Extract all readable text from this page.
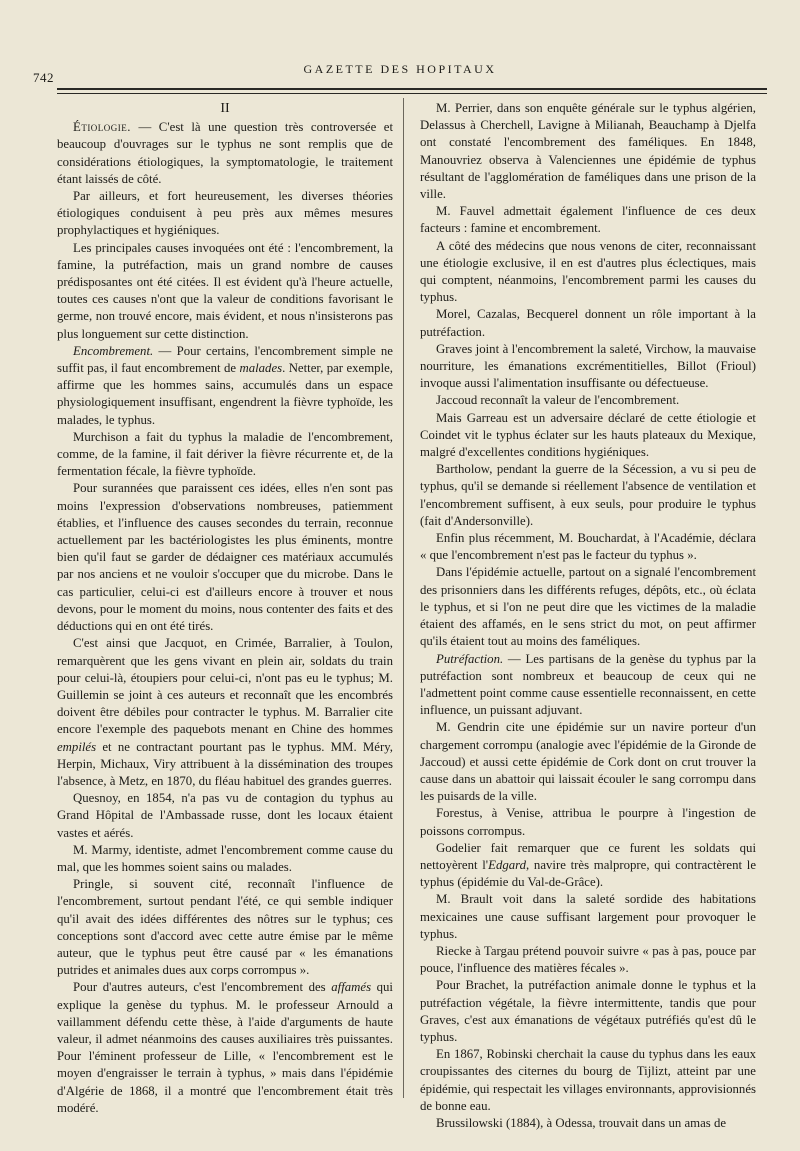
742
GAZETTE DES HOPITAUX

II

Étiologie. — C'est là une question très controversée et beaucoup d'ouvrages sur le typhus ne sont remplis que de considérations étiologiques, la symptomatologie, le traitement étant laissés de côté.

Par ailleurs, et fort heureusement, les diverses théories étiologiques conduisent à peu près aux mêmes mesures prophylactiques et hygiéniques.

Les principales causes invoquées ont été : l'encombrement, la famine, la putréfaction, mais un grand nombre de causes prédisposantes ont été citées. Il est évident qu'à l'heure actuelle, toutes ces causes n'ont que la valeur de conditions favorisant le germe, non trouvé encore, mais évident, et nous n'insisterons pas plus longuement sur cette distinction.

Encombrement. — Pour certains, l'encombrement simple ne suffit pas, il faut encombrement de malades. Netter, par exemple, affirme que les hommes sains, accumulés dans un espace physiologiquement insuffisant, engendrent la fièvre typhoïde, les malades, le typhus.

Murchison a fait du typhus la maladie de l'encombrement, comme, de la famine, il fait dériver la fièvre récurrente et, de la fermentation fécale, la fièvre typhoïde.

Pour surannées que paraissent ces idées, elles n'en sont pas moins l'expression d'observations nombreuses, patiemment établies, et l'influence des causes secondes du terrain, reconnue actuellement par les bactériologistes les plus éminents, montre bien qu'il faut se garder de dédaigner ces matériaux accumulés par nos anciens et ne vouloir s'occuper que du microbe. Dans le cas particulier, celui-ci est d'ailleurs encore à trouver et nous devons, pour le moment du moins, nous contenter des faits et des déductions qui en ont été tirés.

C'est ainsi que Jacquot, en Crimée, Barralier, à Toulon, remarquèrent que les gens vivant en plein air, soldats du train pour celui-là, étoupiers pour celui-ci, n'ont pas eu le typhus; M. Guillemin se joint à ces auteurs et reconnaît que les encombrés doivent être débiles pour contracter le typhus. M. Barralier cite encore l'exemple des paquebots menant en Chine des hommes empilés et ne contractant pourtant pas le typhus. MM. Méry, Herpin, Michaux, Viry attribuent à la dissémination des troupes l'absence, à Metz, en 1870, du fléau habituel des grandes guerres.

Quesnoy, en 1854, n'a pas vu de contagion du typhus au Grand Hôpital de l'Ambassade russe, dont les locaux étaient vastes et aérés.

M. Marmy, identiste, admet l'encombrement comme cause du mal, que les hommes soient sains ou malades.

Pringle, si souvent cité, reconnaît l'influence de l'encombrement, surtout pendant l'été, ce qui semble indiquer qu'il avait des idées différentes des nôtres sur le typhus; ces conceptions sont d'accord avec cette autre émise par le même auteur, que le typhus peut être causé par « les émanations putrides et animales dues aux corps corrompus ».

Pour d'autres auteurs, c'est l'encombrement des affamés qui explique la genèse du typhus. M. le professeur Arnould a vaillamment défendu cette thèse, à l'aide d'arguments de haute valeur, il admet néanmoins des causes auxiliaires très puissantes. Pour l'éminent professeur de Lille, « l'encombrement est le moyen d'engraisser le terrain à typhus, » mais dans l'épidémie d'Algérie de 1868, il a montré que l'encombrement était très modéré.

M. Perrier, dans son enquête générale sur le typhus algérien, Delassus à Cherchell, Lavigne à Milianah, Beauchamp à Djelfa ont constaté l'encombrement des faméliques. En 1848, Manouvriez observa à Valenciennes une épidémie de typhus résultant de l'agglomération de faméliques dans une prison de la ville.

M. Fauvel admettait également l'influence de ces deux facteurs : famine et encombrement.

A côté des médecins que nous venons de citer, reconnaissant une étiologie exclusive, il en est d'autres plus éclectiques, mais qui comptent, néanmoins, l'encombrement parmi les causes du typhus.

Morel, Cazalas, Becquerel donnent un rôle important à la putréfaction.

Graves joint à l'encombrement la saleté, Virchow, la mauvaise nourriture, les émanations excrémentitielles, Billot (Frioul) invoque aussi l'alimentation insuffisante ou défectueuse.

Jaccoud reconnaît la valeur de l'encombrement.

Mais Garreau est un adversaire déclaré de cette étiologie et Coindet vit le typhus éclater sur les hauts plateaux du Mexique, malgré d'excellentes conditions hygiéniques.

Bartholow, pendant la guerre de la Sécession, a vu si peu de typhus, qu'il se demande si réellement l'absence de ventilation et l'encombrement suffisent, à eux seuls, pour produire le typhus (fait d'Andersonville).

Enfin plus récemment, M. Bouchardat, à l'Académie, déclara « que l'encombrement n'est pas le facteur du typhus ».

Dans l'épidémie actuelle, partout on a signalé l'encombrement des prisonniers dans les différents refuges, dépôts, etc., où éclata le typhus, et si l'on ne peut dire que les victimes de la maladie étaient des affamés, en le sens strict du mot, on peut affirmer qu'ils étaient tout au moins des faméliques.

Putréfaction. — Les partisans de la genèse du typhus par la putréfaction sont nombreux et beaucoup de ceux qui ne l'admettent point comme cause essentielle reconnaissent, en cette influence, un puissant adjuvant.

M. Gendrin cite une épidémie sur un navire porteur d'un chargement corrompu (analogie avec l'épidémie de la Gironde de Jaccoud) et aussi cette épidémie de Cork dont on crut trouver la cause dans un abattoir qui laissait écouler le sang corrompu dans les puisards de la ville.

Forestus, à Venise, attribua le pourpre à l'ingestion de poissons corrompus.

Godelier fait remarquer que ce furent les soldats qui nettoyèrent l'Edgard, navire très malpropre, qui contractèrent le typhus (épidémie du Val-de-Grâce).

M. Brault voit dans la saleté sordide des habitations mexicaines une cause suffisant largement pour provoquer le typhus.

Riecke à Targau prétend pouvoir suivre « pas à pas, pouce par pouce, l'influence des matières fécales ».

Pour Brachet, la putréfaction animale donne le typhus et la putréfaction végétale, la fièvre intermittente, tandis que pour Graves, c'est aux émanations de végétaux putréfiés qu'est dû le typhus.

En 1867, Robinski cherchait la cause du typhus dans les eaux croupissantes des citernes du bourg de Tijlizt, atteint par une épidémie, qui respectait les villages environnants, approvisionnés de bonne eau.

Brussilowski (1884), à Odessa, trouvait dans un amas de
